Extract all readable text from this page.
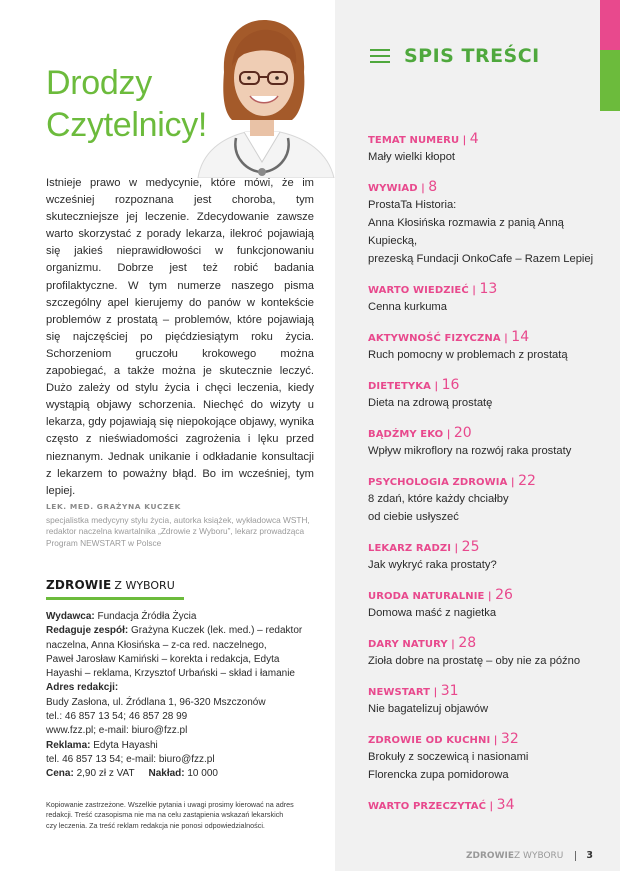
Drodzy
Czytelnicy!

Istnieje prawo w medycynie, które mówi, że im wcześniej rozpoznana jest choroba, tym skuteczniejsze jej leczenie. Zdecydowanie zawsze warto skorzystać z porady lekarza, ilekroć pojawiają się jakieś nieprawidłowości w funkcjonowaniu organizmu. Dobrze jest też robić badania profilaktyczne. W tym numerze naszego pisma szczególny apel kierujemy do panów w kontekście problemów z prostatą – problemów, które pojawiają się najczęściej po pięćdziesiątym roku życia. Schorzeniom gruczołu krokowego można zapobiegać, a także można je skutecznie leczyć. Dużo zależy od stylu życia i chęci leczenia, kiedy wystąpią objawy schorzenia. Niechęć do wizyty u lekarza, gdy pojawiają się niepokojące objawy, wynika często z nieświadomości zagrożenia i lęku przed nieznanym. Jednak unikanie i odkładanie konsultacji z lekarzem to poważny błąd. Bo im wcześniej, tym lepiej.

LEK. MED. GRAŻYNA KUCZEK
specjalistka medycyny stylu życia, autorka książek, wykładowca WSTH, redaktor naczelna kwartalnika „Zdrowie z Wyboru”, lekarz prowadząca Program NEWSTART w Polsce
ZDROWIE Z WYBORU
Wydawca: Fundacja Źródła Życia
Redaguje zespół: Grażyna Kuczek (lek. med.) – redaktor
naczelna, Anna Kłosińska – z-ca red. naczelnego,
Paweł Jarosław Kamiński – korekta i redakcja, Edyta
Hayashi – reklama, Krzysztof Urbański – skład i łamanie
Adres redakcji:
Budy Zasłona, ul. Źródlana 1, 96-320 Mszczonów
tel.: 46 857 13 54; 46 857 28 99
www.fzz.pl; e-mail: biuro@fzz.pl
Reklama: Edyta Hayashi
tel. 46 857 13 54; e-mail: biuro@fzz.pl
Cena: 2,90 zł z VAT Nakład: 10 000

Kopiowanie zastrzeżone. Wszelkie pytania i uwagi prosimy kierować na adres redakcji. Treść czasopisma nie ma na celu zastąpienia wskazań lekarskich czy leczenia. Za treść reklam redakcja nie ponosi odpowiedzialności.

SPIS TREŚCI
TEMAT NUMERU | 4
Mały wielki kłopot
WYWIAD | 8
ProstaTa Historia:
Anna Kłosińska rozmawia z panią Anną Kupiecką,
prezeską Fundacji OnkoCafe – Razem Lepiej
WARTO WIEDZIEĆ | 13
Cenna kurkuma
AKTYWNOŚĆ FIZYCZNA | 14
Ruch pomocny w problemach z prostatą
DIETETYKA | 16
Dieta na zdrową prostatę
BĄDŹMY EKO | 20
Wpływ mikroflory na rozwój raka prostaty
PSYCHOLOGIA ZDROWIA | 22
8 zdań, które każdy chciałby
od ciebie usłyszeć
LEKARZ RADZI | 25
Jak wykryć raka prostaty?
URODA NATURALNIE | 26
Domowa maść z nagietka
DARY NATURY | 28
Zioła dobre na prostatę – oby nie za późno
NEWSTART | 31
Nie bagatelizuj objawów
ZDROWIE OD KUCHNI | 32
Brokuły z soczewicą i nasionami
Florencka zupa pomidorowa
WARTO PRZECZYTAĆ | 34
ZDROWIE Z WYBORU 3
